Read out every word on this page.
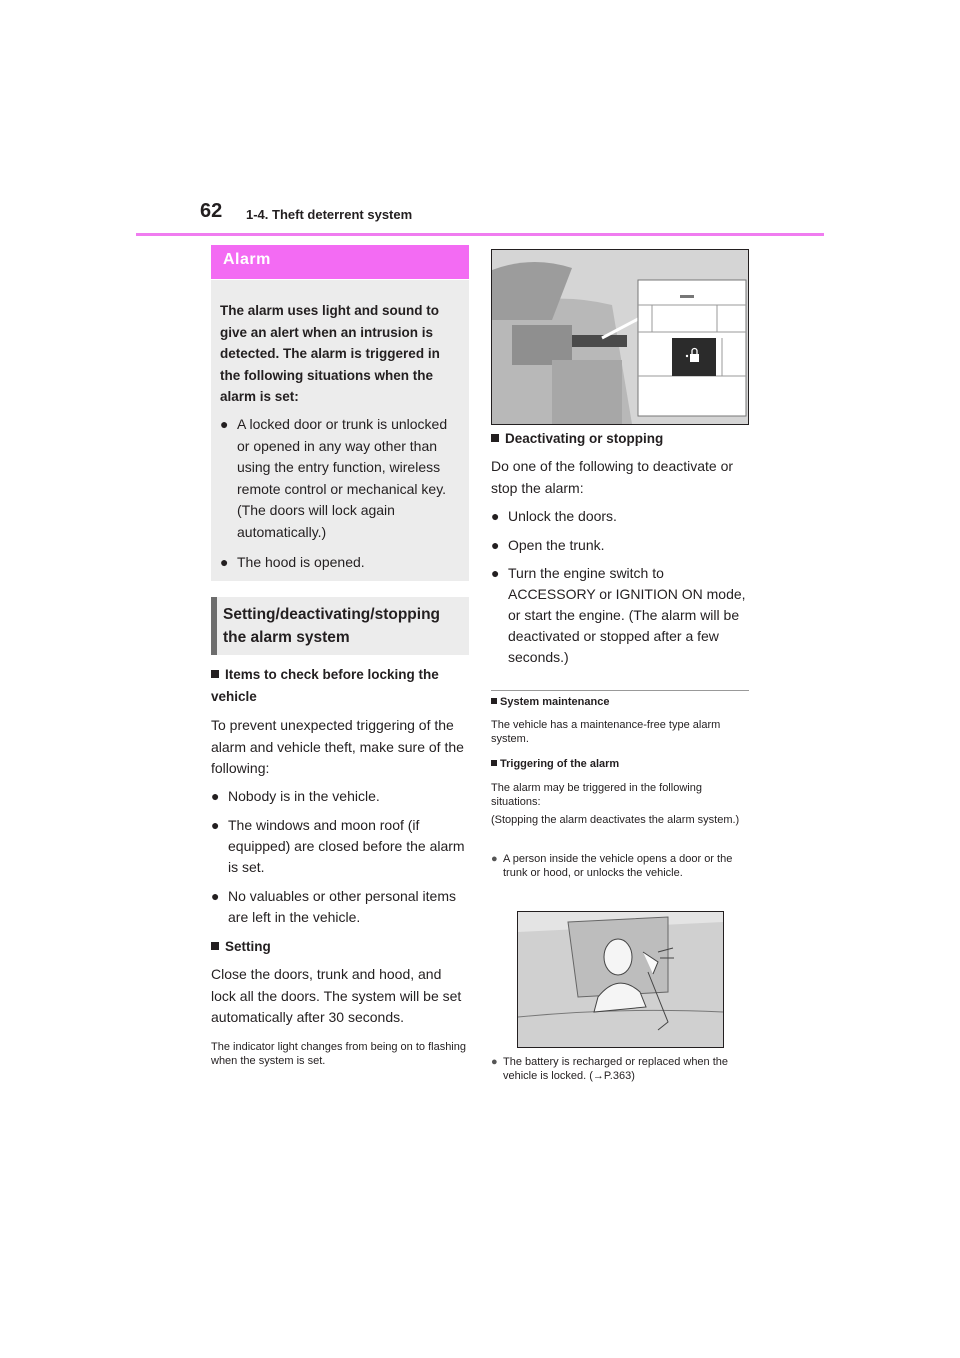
62 1-4. Theft deterrent system
Alarm
The alarm uses light and sound to give an alert when an intrusion is detected. The alarm is triggered in the following situations when the alarm is set:
● A locked door or trunk is unlocked or opened in any way other than using the entry function, wireless remote control or mechanical key. (The doors will lock again automatically.)
● The hood is opened.
Setting/deactivating/stopping the alarm system
Items to check before locking the vehicle
To prevent unexpected triggering of the alarm and vehicle theft, make sure of the following:
● Nobody is in the vehicle.
● The windows and moon roof (if equipped) are closed before the alarm is set.
● No valuables or other personal items are left in the vehicle.
Setting
Close the doors, trunk and hood, and lock all the doors. The system will be set automatically after 30 seconds.
The indicator light changes from being on to flashing when the system is set.
Deactivating or stopping
Do one of the following to deactivate or stop the alarm:
● Unlock the doors.
● Open the trunk.
● Turn the engine switch to ACCESSORY or IGNITION ON mode, or start the engine. (The alarm will be deactivated or stopped after a few seconds.)
System maintenance
The vehicle has a maintenance-free type alarm system.
Triggering of the alarm
The alarm may be triggered in the following situations:
(Stopping the alarm deactivates the alarm system.)
● A person inside the vehicle opens a door or the trunk or hood, or unlocks the vehicle.
● The battery is recharged or replaced when the vehicle is locked. (→P.363)
